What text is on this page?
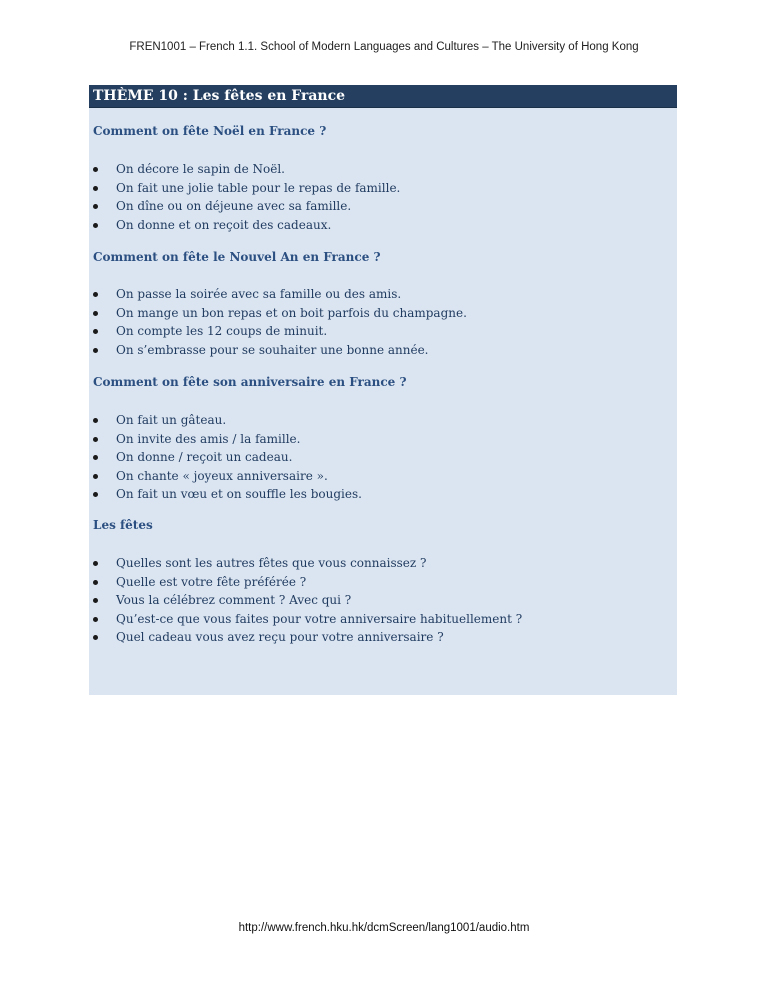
FREN1001 – French 1.1. School of Modern Languages and Cultures – The University of Hong Kong
THÈME 10 : Les fêtes en France
Comment on fête Noël en France ?
On décore le sapin de Noël.
On fait une jolie table pour le repas de famille.
On dîne ou on déjeune avec sa famille.
On donne et on reçoit des cadeaux.
Comment on fête le Nouvel An en France ?
On passe la soirée avec sa famille ou des amis.
On mange un bon repas et on boit parfois du champagne.
On compte les 12 coups de minuit.
On s’embrasse pour se souhaiter une bonne année.
Comment on fête son anniversaire en France ?
On fait un gâteau.
On invite des amis / la famille.
On donne / reçoit un cadeau.
On chante « joyeux anniversaire ».
On fait un vœu et on souffle les bougies.
Les fêtes
Quelles sont les autres fêtes que vous connaissez ?
Quelle est votre fête préférée ?
Vous la célébrez comment ? Avec qui ?
Qu’est-ce que vous faites pour votre anniversaire habituellement ?
Quel cadeau vous avez reçu pour votre anniversaire ?
http://www.french.hku.hk/dcmScreen/lang1001/audio.htm
